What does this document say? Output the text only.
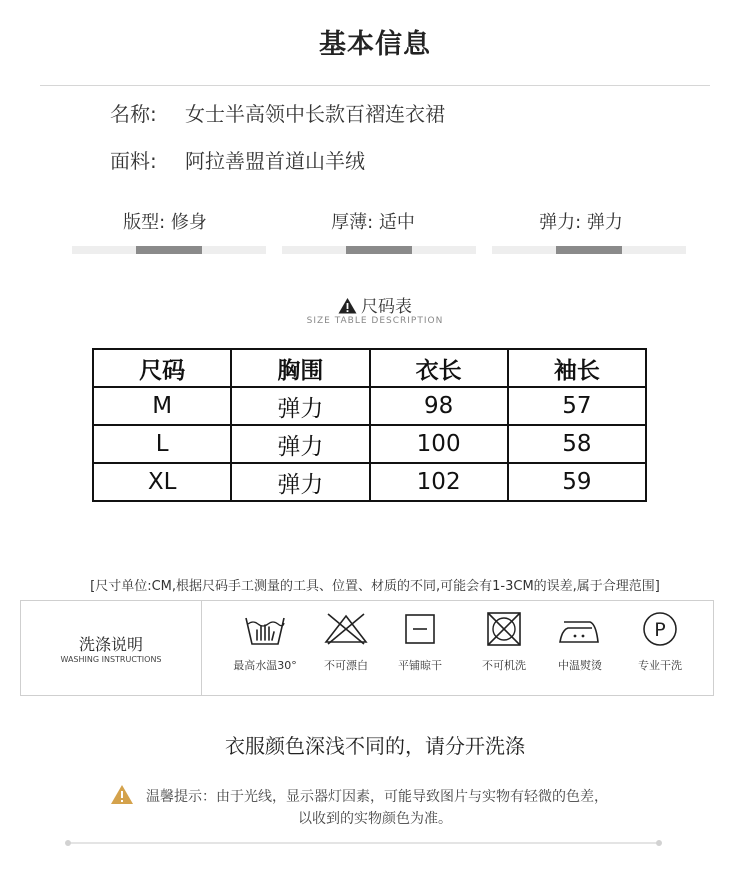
基本信息
名称: 女士半高领中长款百褶连衣裙
面料: 阿拉善盟首道山羊绒
版型: 修身	厚薄: 适中	弹力: 弹力
尺码表
SIZE TABLE DESCRIPTION
尺码	胸围	衣长	袖长
M	弹力	98	57
L	弹力	100	58
XL	弹力	102	59
[尺寸单位:CM,根据尺码手工测量的工具、位置、材质的不同,可能会有1-3CM的误差,属于合理范围]
洗涤说明
WASHING INSTRUCTIONS	最高水温30°	不可漂白	平铺晾干	不可机洗	中温熨烫
P
专业干洗
衣服颜色深浅不同的，请分开洗涤
温馨提示：由于光线，显示器灯因素，可能导致图片与实物有轻微的色差，
以收到的实物颜色为准。
